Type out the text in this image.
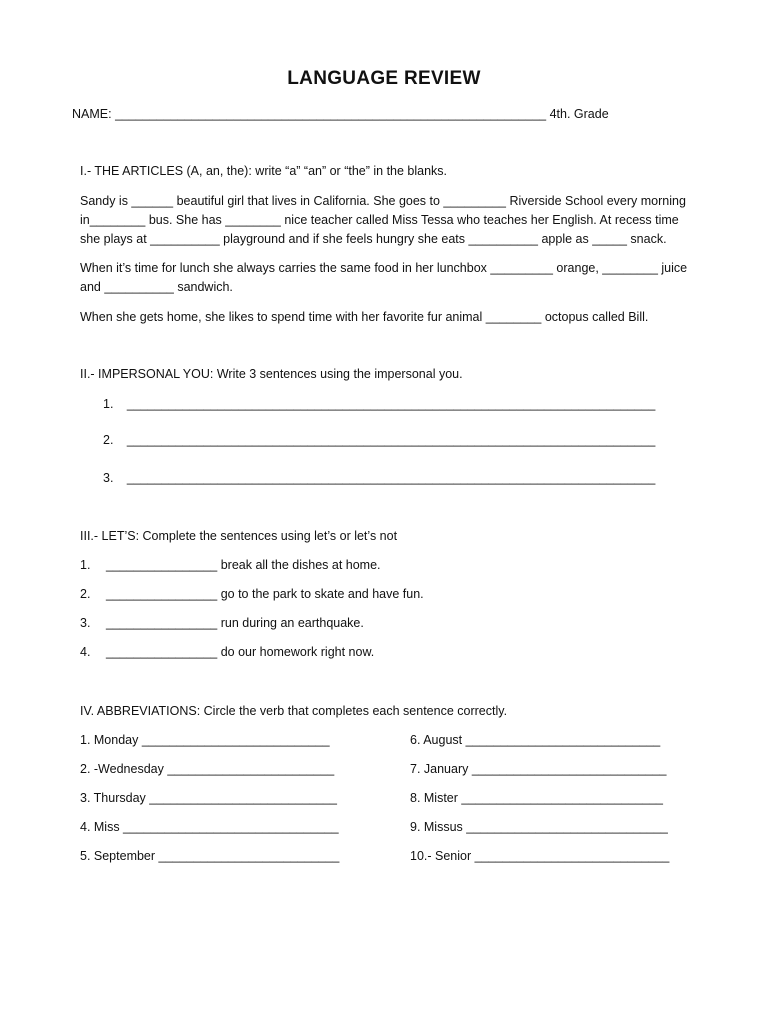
LANGUAGE REVIEW
NAME: ______________________________________________________________ 4th. Grade
I.- THE ARTICLES (A, an, the): write “a” “an” or “the” in the blanks.
Sandy is ______ beautiful girl that lives in California. She goes to _________ Riverside School every morning
in________ bus. She has ________ nice teacher called Miss Tessa who teaches her English. At recess time
she plays at __________ playground and if she feels hungry she eats __________ apple as _____ snack.
When it’s time for lunch she always carries the same food in her lunchbox _________ orange, ________ juice
and __________ sandwich.
When she gets home, she likes to spend time with her favorite fur animal ________ octopus called Bill.
II.- IMPERSONAL YOU: Write 3 sentences using the impersonal you.
1. ____________________________________________________________________________
2. ____________________________________________________________________________
3. ____________________________________________________________________________
III.- LET’S: Complete the sentences using let’s or let’s not
1. ________________ break all the dishes at home.
2. ________________ go to the park to skate and have fun.
3. ________________ run during an earthquake.
4. ________________ do our homework right now.
IV. ABBREVIATIONS: Circle the verb that completes each sentence correctly.
1. Monday ___________________________
2. -Wednesday ________________________
3. Thursday ___________________________
4. Miss _______________________________
5. September __________________________
6. August ____________________________
7. January ____________________________
8. Mister _____________________________
9. Missus _____________________________
10.- Senior ____________________________
